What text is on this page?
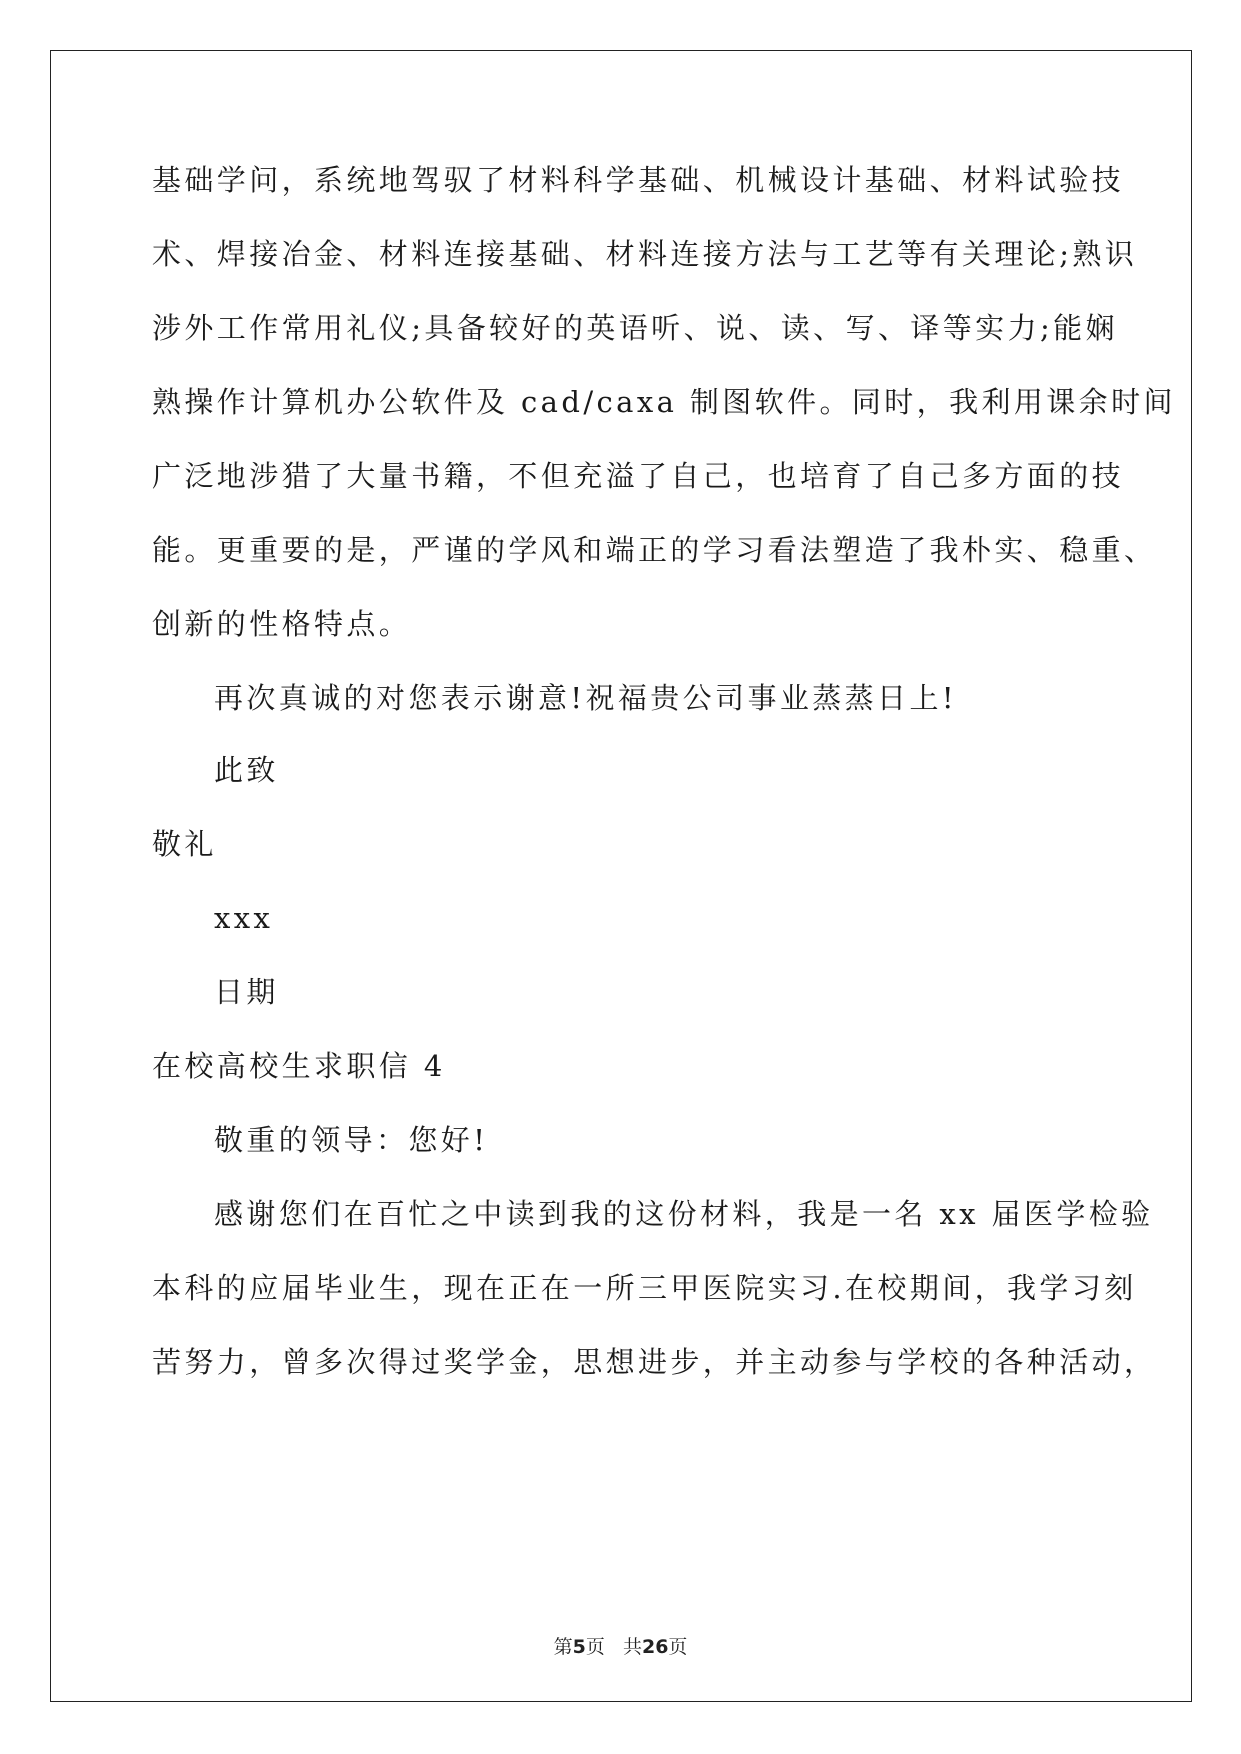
基础学问，系统地驾驭了材料科学基础、机械设计基础、材料试验技
术、焊接冶金、材料连接基础、材料连接方法与工艺等有关理论;熟识
涉外工作常用礼仪;具备较好的英语听、说、读、写、译等实力;能娴
熟操作计算机办公软件及 cad/caxa 制图软件。同时，我利用课余时间
广泛地涉猎了大量书籍，不但充溢了自己，也培育了自己多方面的技
能。更重要的是，严谨的学风和端正的学习看法塑造了我朴实、稳重、
创新的性格特点。
再次真诚的对您表示谢意!祝福贵公司事业蒸蒸日上!
此致
敬礼
xxx
日期
在校高校生求职信 4
敬重的领导：您好!
感谢您们在百忙之中读到我的这份材料，我是一名 xx 届医学检验
本科的应届毕业生，现在正在一所三甲医院实习.在校期间，我学习刻
苦努力，曾多次得过奖学金，思想进步，并主动参与学校的各种活动，
第5页 共26页
